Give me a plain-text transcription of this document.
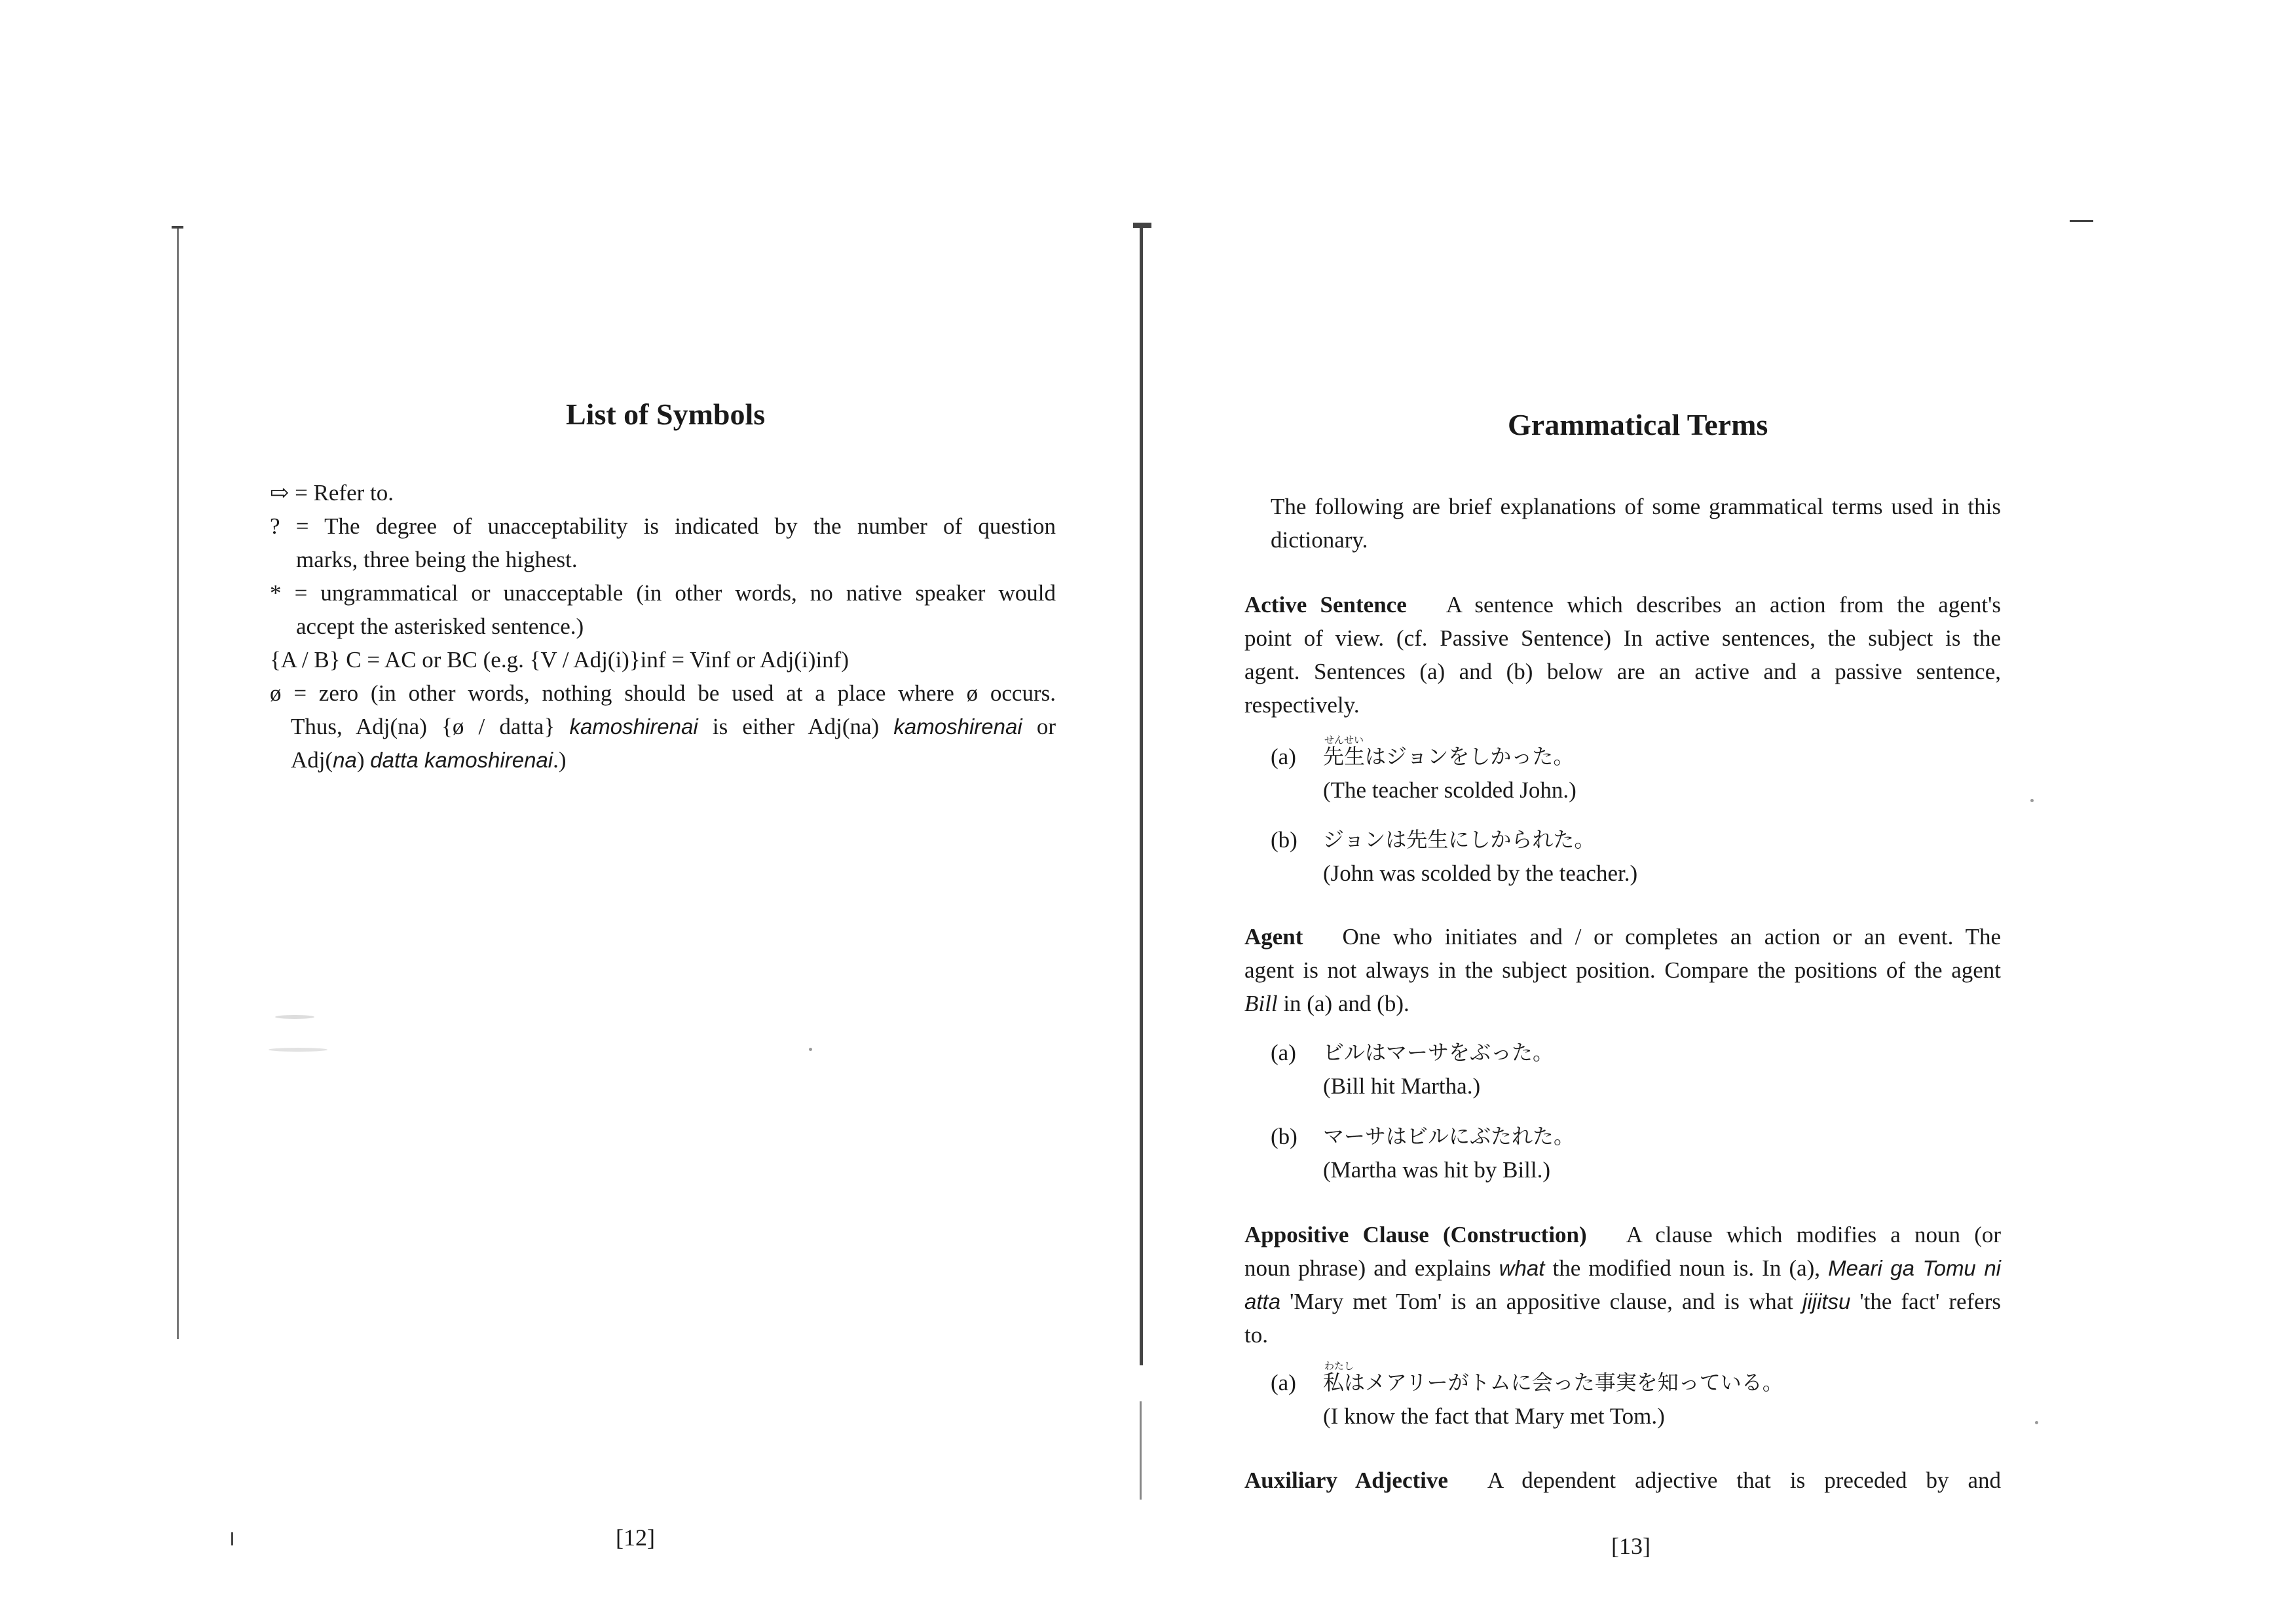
List of Symbols
⇨ = Refer to.
? = The degree of unacceptability is indicated by the number of question
marks, three being the highest.
* = ungrammatical or unacceptable (in other words, no native speaker would
accept the asterisked sentence.)
{A / B} C = AC or BC (e.g. {V / Adj(i)}inf = Vinf or Adj(i)inf)
ø = zero (in other words, nothing should be used at a place where ø occurs.
Thus, Adj(na) {ø / datta} kamoshirenai is either Adj(na) kamoshirenai or
Adj(na) datta kamoshirenai.)
[12]
Grammatical Terms
The following are brief explanations of some grammatical terms used in this
dictionary.
Active Sentence A sentence which describes an action from the agent's
point of view. (cf. Passive Sentence) In active sentences, the subject is the
agent. Sentences (a) and (b) below are an active and a passive sentence,
respectively.
(a)
せんせい
先生はジョンをしかった。
(The teacher scolded John.)
(b) ジョンは先生にしかられた。
(John was scolded by the teacher.)
Agent One who initiates and / or completes an action or an event. The
agent is not always in the subject position. Compare the positions of the agent
Bill in (a) and (b).
(a) ビルはマーサをぶった。
(Bill hit Martha.)
(b) マーサはビルにぶたれた。
(Martha was hit by Bill.)
Appositive Clause (Construction) A clause which modifies a noun (or
noun phrase) and explains what the modified noun is. In (a), Meari ga Tomu ni
atta 'Mary met Tom' is an appositive clause, and is what jijitsu 'the fact' refers
to.
(a)
わたし
私はメアリーがトムに会った事実を知っている。
(I know the fact that Mary met Tom.)
Auxiliary Adjective A dependent adjective that is preceded by and
[13]
